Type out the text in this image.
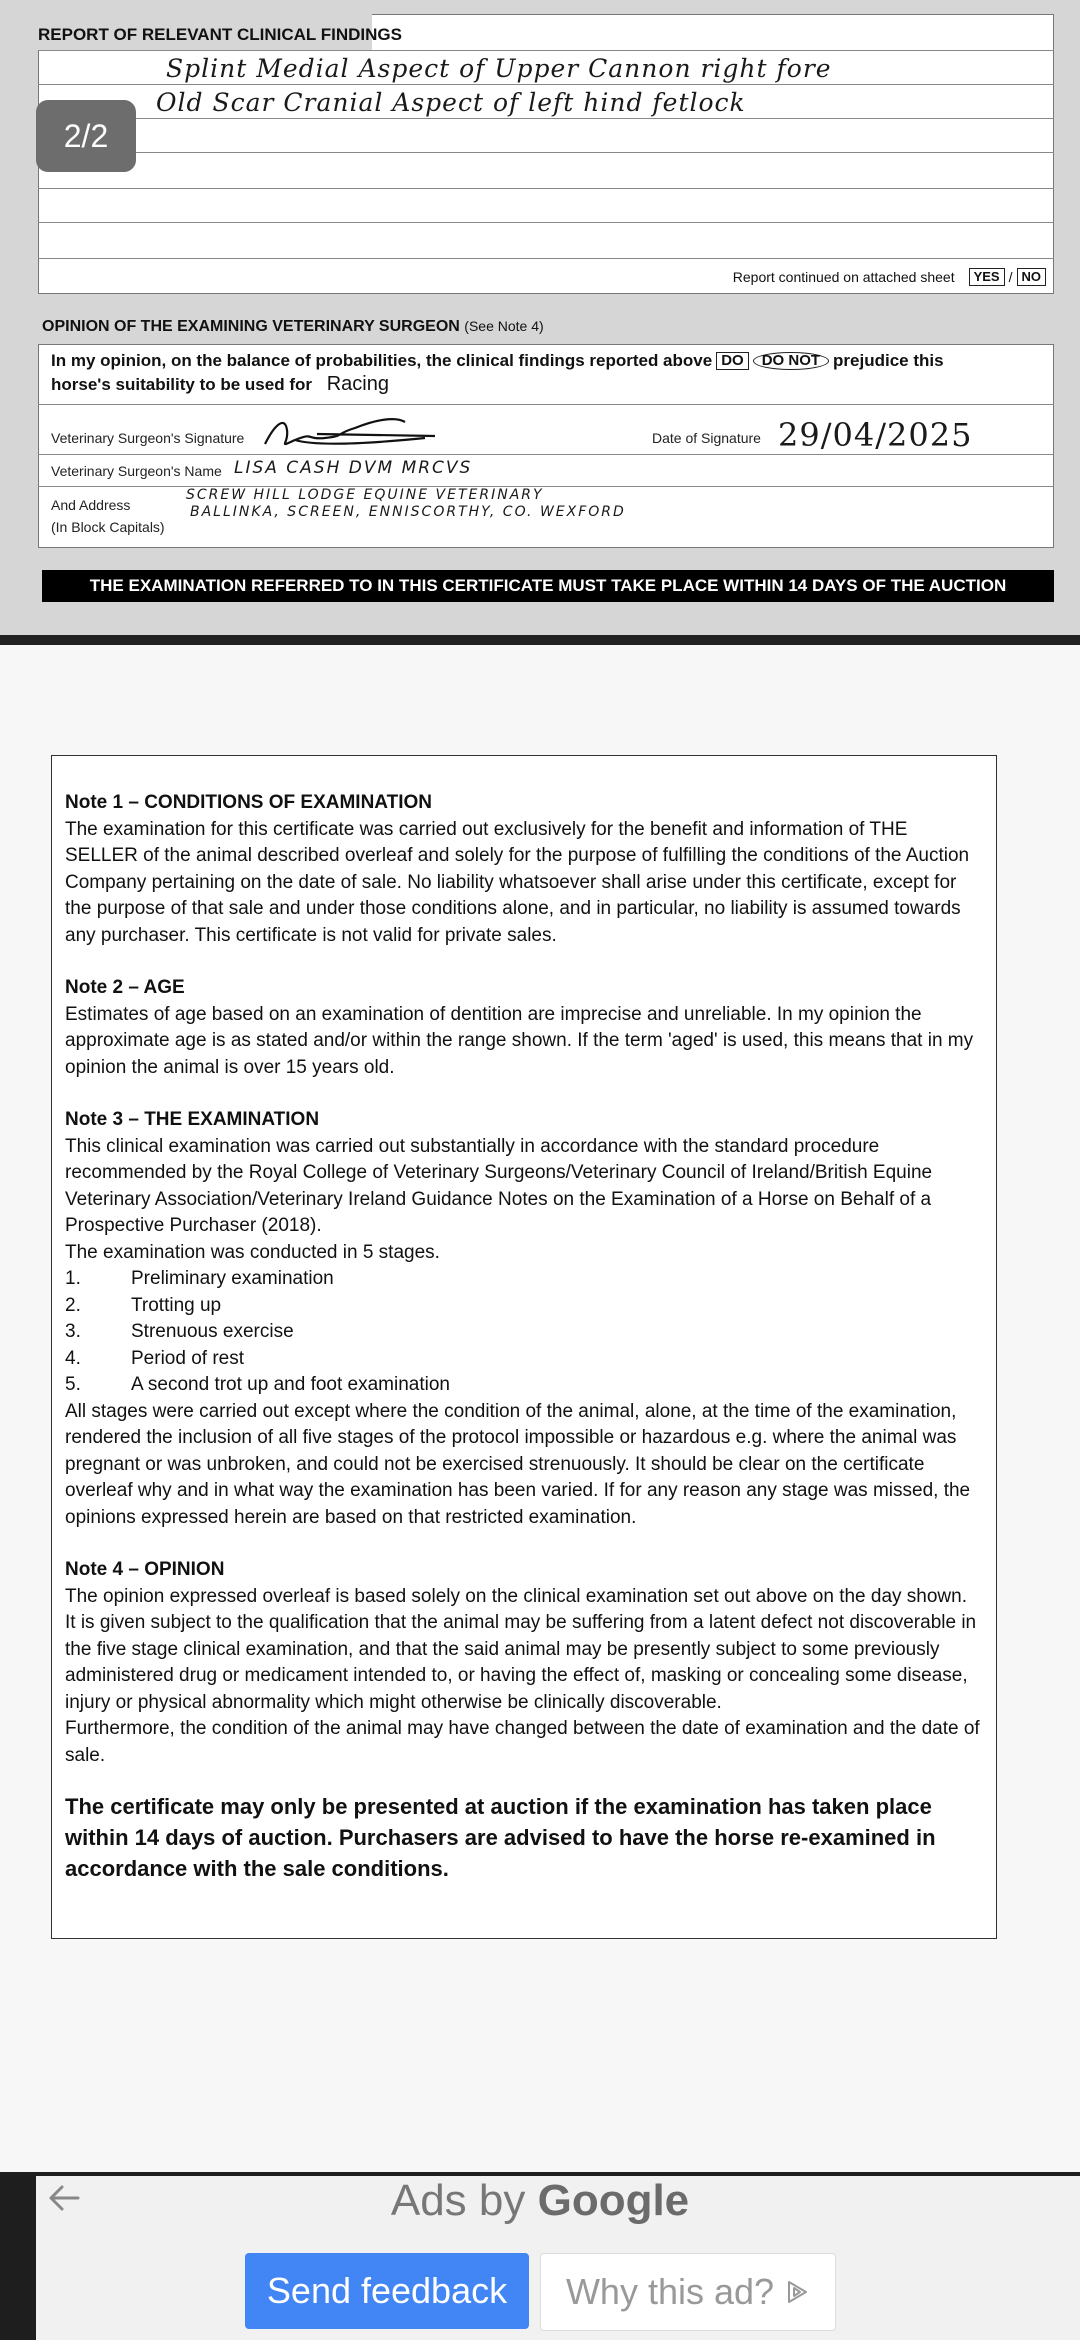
REPORT OF RELEVANT CLINICAL FINDINGS
Splint Medial Aspect of Upper Cannon right fore
Old Scar Cranial Aspect of left hind fetlock
2/2
Report continued on attached sheet	YES / NO
OPINION OF THE EXAMINING VETERINARY SURGEON (See Note 4)
In my opinion, on the balance of probabilities, the clinical findings reported above DO	DO NOT prejudice this
horse's suitability to be used for Racing
Veterinary Surgeon's Signature	Date of Signature 29/04/2025
Veterinary Surgeon's Name LISA CASH DVM MRCVS
And Address
(In Block Capitals)
SCREW HILL LODGE EQUINE VETERINARY
BALLINKA, SCREEN, ENNISCORTHY, CO. WEXFORD
THE EXAMINATION REFERRED TO IN THIS CERTIFICATE MUST TAKE PLACE WITHIN 14 DAYS OF THE AUCTION

Note 1 – CONDITIONS OF EXAMINATION

The examination for this certificate was carried out exclusively for the benefit and information of THE SELLER of the animal described overleaf and solely for the purpose of fulfilling the conditions of the Auction Company pertaining on the date of sale. No liability whatsoever shall arise under this certificate, except for the purpose of that sale and under those conditions alone, and in particular, no liability is assumed towards any purchaser. This certificate is not valid for private sales.

Note 2 – AGE

Estimates of age based on an examination of dentition are imprecise and unreliable. In my opinion the approximate age is as stated and/or within the range shown. If the term 'aged' is used, this means that in my opinion the animal is over 15 years old.

Note 3 – THE EXAMINATION

This clinical examination was carried out substantially in accordance with the standard procedure recommended by the Royal College of Veterinary Surgeons/Veterinary Council of Ireland/British Equine Veterinary Association/Veterinary Ireland Guidance Notes on the Examination of a Horse on Behalf of a Prospective Purchaser (2018).

The examination was conducted in 5 stages.

1.	Preliminary examination

2.	Trotting up

3.	Strenuous exercise

4.	Period of rest

5.	A second trot up and foot examination

All stages were carried out except where the condition of the animal, alone, at the time of the examination, rendered the inclusion of all five stages of the protocol impossible or hazardous e.g. where the animal was pregnant or was unbroken, and could not be exercised strenuously. It should be clear on the certificate overleaf why and in what way the examination has been varied. If for any reason any stage was missed, the opinions expressed herein are based on that restricted examination.

Note 4 – OPINION

The opinion expressed overleaf is based solely on the clinical examination set out above on the day shown. It is given subject to the qualification that the animal may be suffering from a latent defect not discoverable in the five stage clinical examination, and that the said animal may be presently subject to some previously administered drug or medicament intended to, or having the effect of, masking or concealing some disease, injury or physical abnormality which might otherwise be clinically discoverable.

Furthermore, the condition of the animal may have changed between the date of examination and the date of sale.

The certificate may only be presented at auction if the examination has taken place within 14 days of auction. Purchasers are advised to have the horse re-examined in accordance with the sale conditions.

Ads by Google
Send feedback	Why this ad?
